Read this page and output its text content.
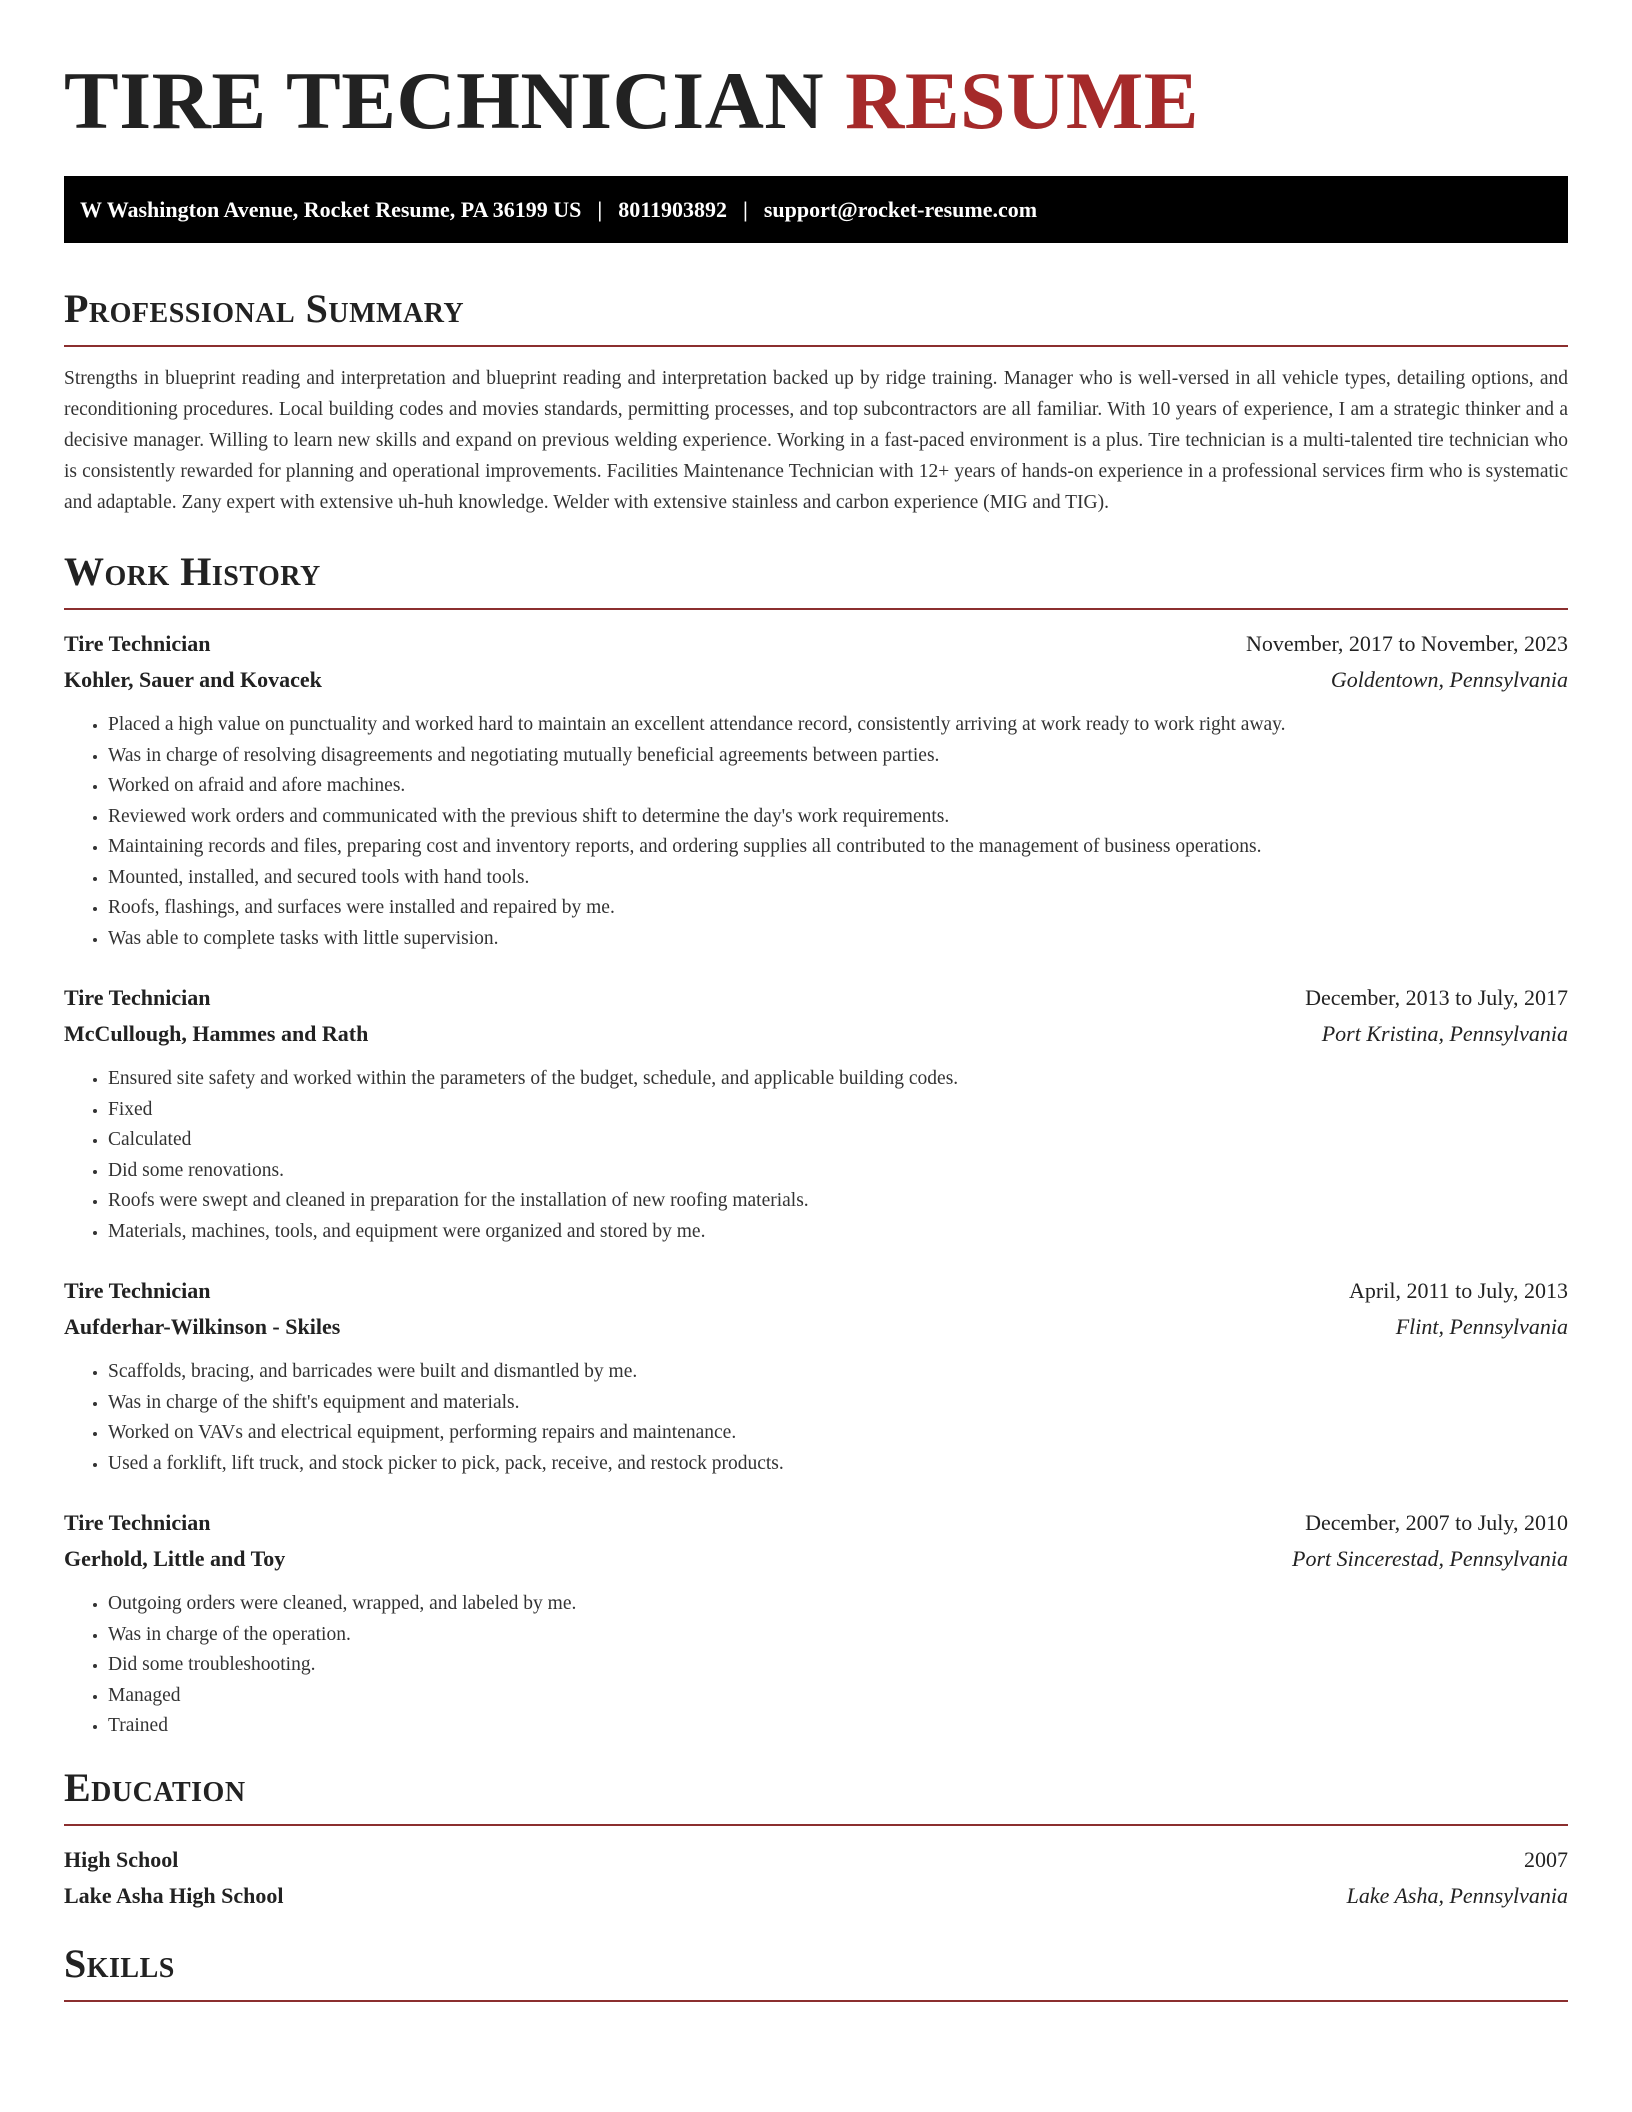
TIRE TECHNICIAN RESUME
W Washington Avenue, Rocket Resume, PA 36199 US | 8011903892 | support@rocket-resume.com
Professional Summary

Strengths in blueprint reading and interpretation and blueprint reading and interpretation backed up by ridge training. Manager who is well-versed in all vehicle types, detailing options, and reconditioning procedures. Local building codes and movies standards, permitting processes, and top subcontractors are all familiar. With 10 years of experience, I am a strategic thinker and a decisive manager. Willing to learn new skills and expand on previous welding experience. Working in a fast-paced environment is a plus. Tire technician is a multi-talented tire technician who is consistently rewarded for planning and operational improvements. Facilities Maintenance Technician with 12+ years of hands-on experience in a professional services firm who is systematic and adaptable. Zany expert with extensive uh-huh knowledge. Welder with extensive stainless and carbon experience (MIG and TIG).

Work History
Tire Technician	November, 2017 to November, 2023
Kohler, Sauer and Kovacek	Goldentown, Pennsylvania
• Placed a high value on punctuality and worked hard to maintain an excellent attendance record, consistently arriving at work ready to work right away.
• Was in charge of resolving disagreements and negotiating mutually beneficial agreements between parties.
• Worked on afraid and afore machines.
• Reviewed work orders and communicated with the previous shift to determine the day's work requirements.
• Maintaining records and files, preparing cost and inventory reports, and ordering supplies all contributed to the management of business operations.
• Mounted, installed, and secured tools with hand tools.
• Roofs, flashings, and surfaces were installed and repaired by me.
• Was able to complete tasks with little supervision.
Tire Technician	December, 2013 to July, 2017
McCullough, Hammes and Rath	Port Kristina, Pennsylvania
• Ensured site safety and worked within the parameters of the budget, schedule, and applicable building codes.
• Fixed
• Calculated
• Did some renovations.
• Roofs were swept and cleaned in preparation for the installation of new roofing materials.
• Materials, machines, tools, and equipment were organized and stored by me.
Tire Technician	April, 2011 to July, 2013
Aufderhar-Wilkinson - Skiles	Flint, Pennsylvania
• Scaffolds, bracing, and barricades were built and dismantled by me.
• Was in charge of the shift's equipment and materials.
• Worked on VAVs and electrical equipment, performing repairs and maintenance.
• Used a forklift, lift truck, and stock picker to pick, pack, receive, and restock products.
Tire Technician	December, 2007 to July, 2010
Gerhold, Little and Toy	Port Sincerestad, Pennsylvania
• Outgoing orders were cleaned, wrapped, and labeled by me.
• Was in charge of the operation.
• Did some troubleshooting.
• Managed
• Trained
Education
High School	2007
Lake Asha High School	Lake Asha, Pennsylvania
Skills
